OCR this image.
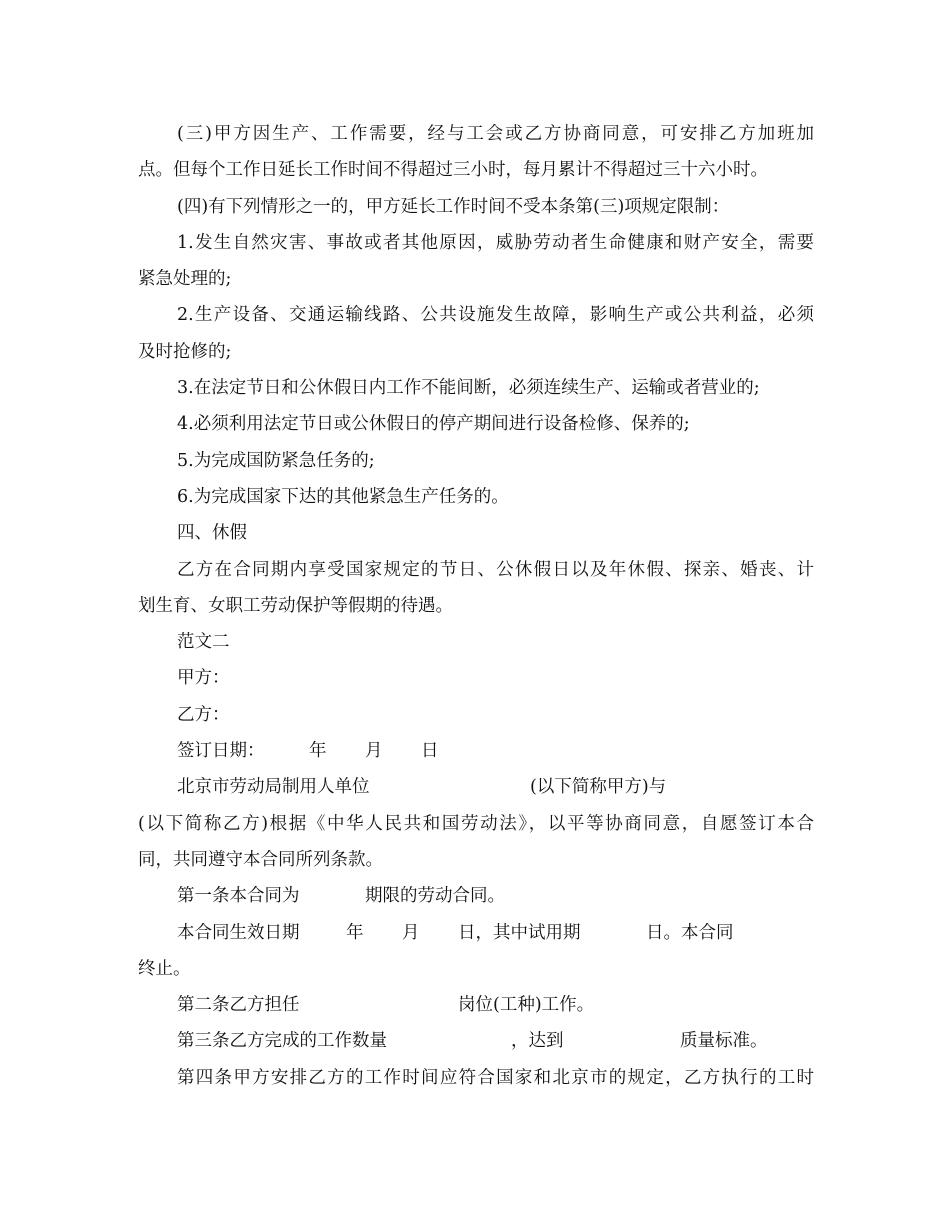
(三)甲方因生产、工作需要，经与工会或乙方协商同意，可安排乙方加班加
点。但每个工作日延长工作时间不得超过三小时，每月累计不得超过三十六小时。
(四)有下列情形之一的，甲方延长工作时间不受本条第(三)项规定限制：
1.发生自然灾害、事故或者其他原因，威胁劳动者生命健康和财产安全，需要
紧急处理的;
2.生产设备、交通运输线路、公共设施发生故障，影响生产或公共利益，必须
及时抢修的;
3.在法定节日和公休假日内工作不能间断，必须连续生产、运输或者营业的;
4.必须利用法定节日或公休假日的停产期间进行设备检修、保养的;
5.为完成国防紧急任务的;
6.为完成国家下达的其他紧急生产任务的。
四、休假
乙方在合同期内享受国家规定的节日、公休假日以及年休假、探亲、婚丧、计
划生育、女职工劳动保护等假期的待遇。
范文二
甲方：
乙方：
签订日期：	年 月 日
北京市劳动局制用人单位	(以下简称甲方)与
(以下简称乙方)根据《中华人民共和国劳动法》，以平等协商同意，自愿签订本合
同，共同遵守本合同所列条款。
第一条本合同为	期限的劳动合同。
本合同生效日期	年 月 日，其中试用期	日。本合同
终止。
第二条乙方担任	岗位(工种)工作。
第三条乙方完成的工作数量	，达到	质量标准。
第四条甲方安排乙方的工作时间应符合国家和北京市的规定，乙方执行的工时
